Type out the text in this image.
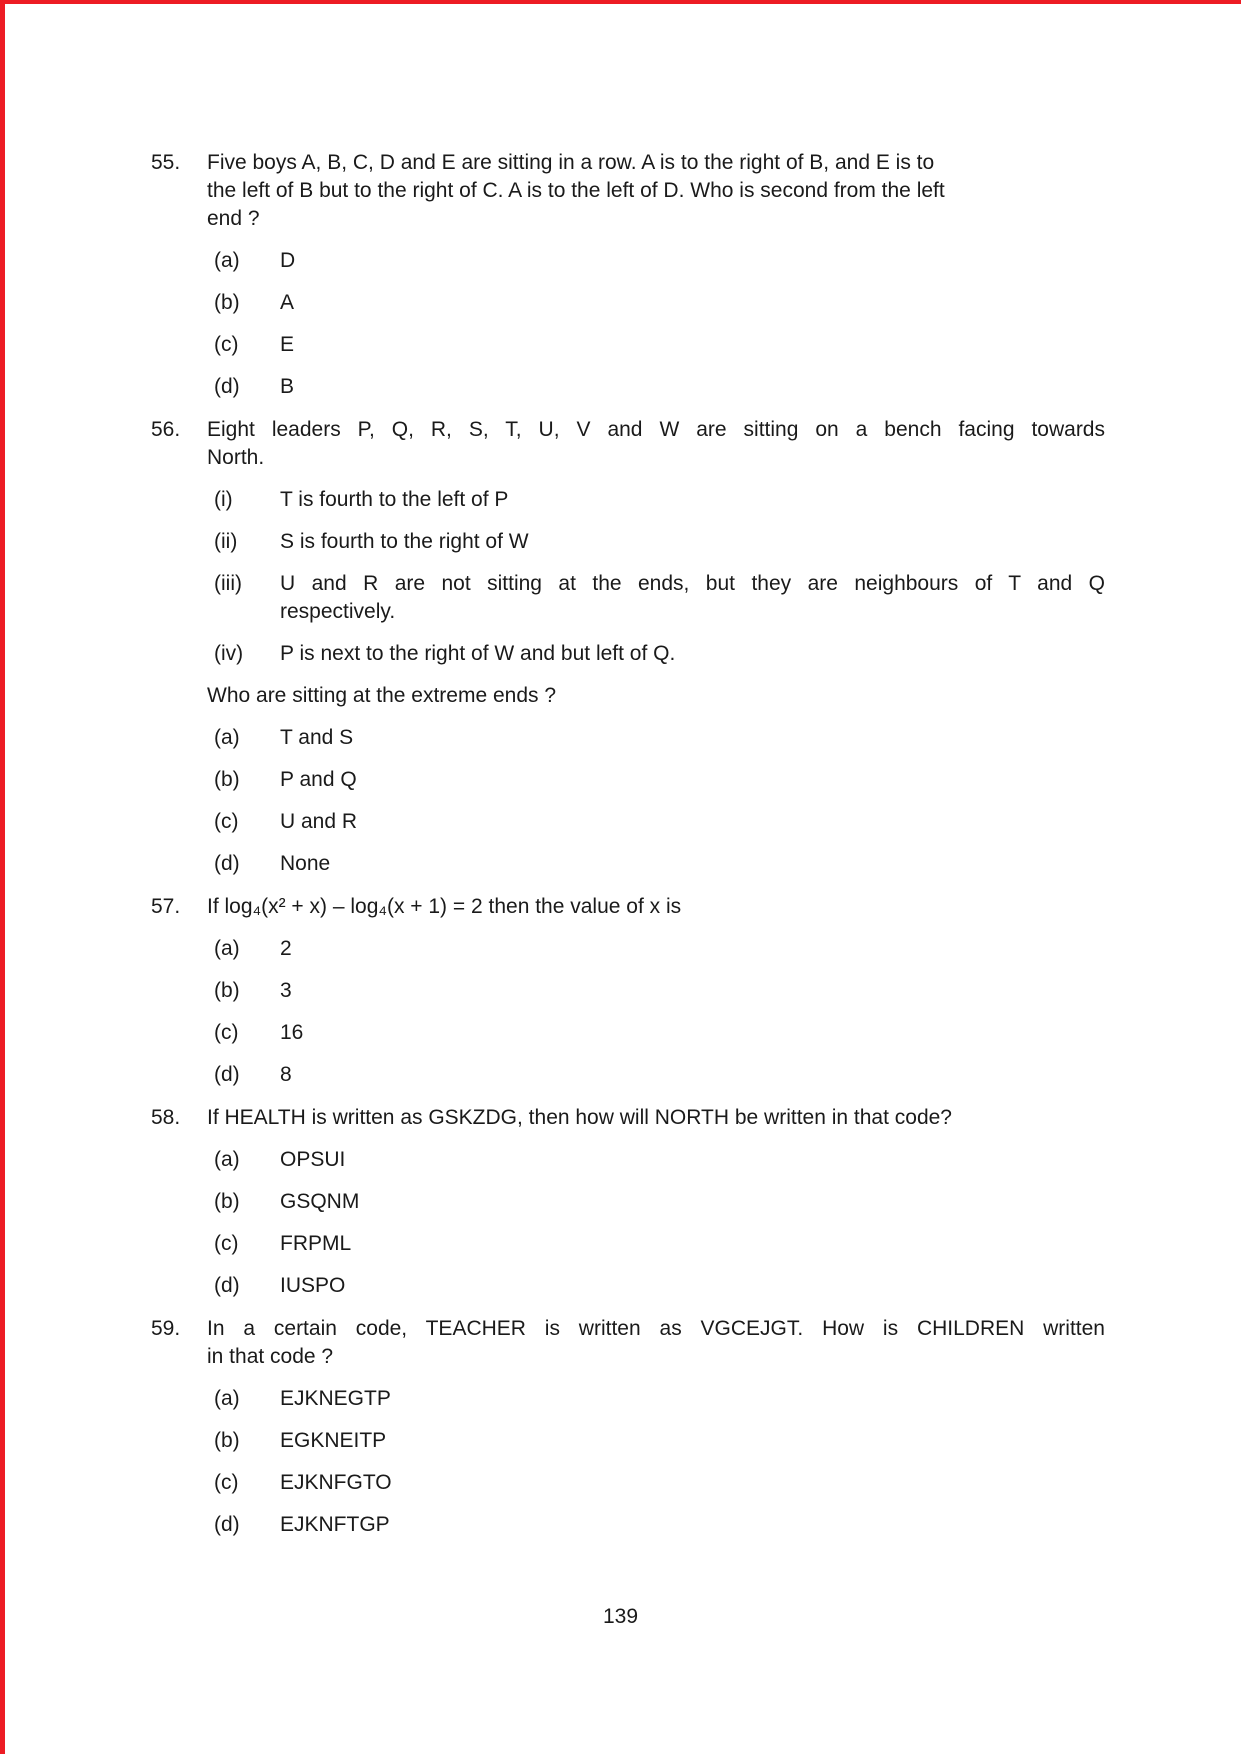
55.	Five boys A, B, C, D and E are sitting in a row. A is to the right of B, and E is to
the left of B but to the right of C. A is to the left of D. Who is second from the left
end ?
(a)	D
(b)	A
(c)	E
(d)	B
56.	Eight leaders P, Q, R, S, T, U, V and W are sitting on a bench facing towards
North.
(i)	T is fourth to the left of P
(ii)	S is fourth to the right of W
(iii)	U and R are not sitting at the ends, but they are neighbours of T and Q
respectively.
(iv)	P is next to the right of W and but left of Q.
Who are sitting at the extreme ends ?
(a)	T and S
(b)	P and Q
(c)	U and R
(d)	None
57.	If log₄(x² + x) – log₄(x + 1) = 2 then the value of x is
(a)	2
(b)	3
(c)	16
(d)	8
58.	If HEALTH is written as GSKZDG, then how will NORTH be written in that code?
(a)	OPSUI
(b)	GSQNM
(c)	FRPML
(d)	IUSPO
59.	In a certain code, TEACHER is written as VGCEJGT. How is CHILDREN written
in that code ?
(a)	EJKNEGTP
(b)	EGKNEITP
(c)	EJKNFGTO
(d)	EJKNFTGP
139
